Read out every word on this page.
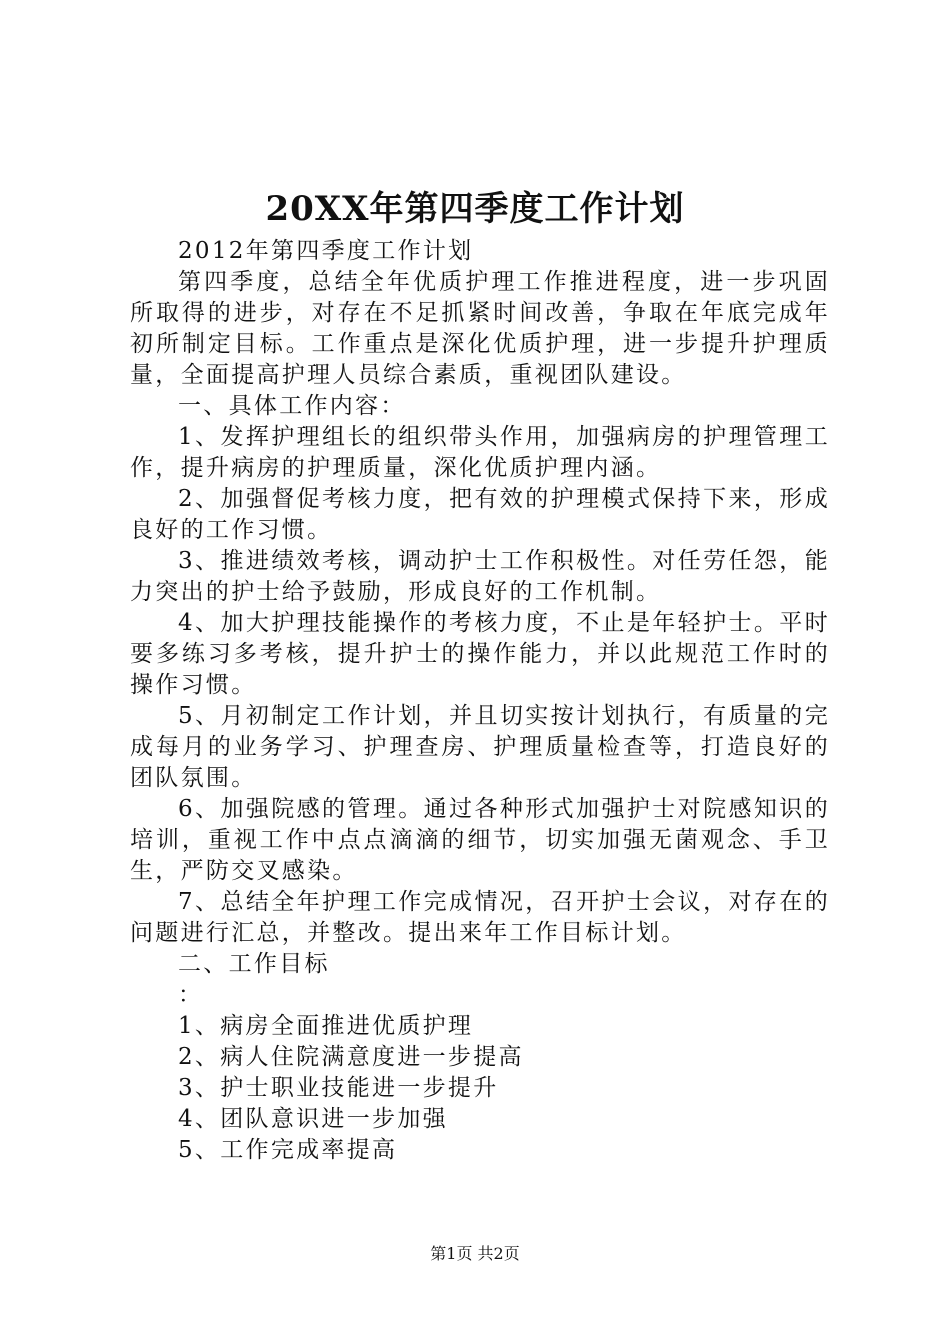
20XX年第四季度工作计划

2012年第四季度工作计划

第四季度，总结全年优质护理工作推进程度，进一步巩固所取得的进步，对存在不足抓紧时间改善，争取在年底完成年初所制定目标。工作重点是深化优质护理，进一步提升护理质量，全面提高护理人员综合素质，重视团队建设。

一、具体工作内容：

1、发挥护理组长的组织带头作用，加强病房的护理管理工作，提升病房的护理质量，深化优质护理内涵。

2、加强督促考核力度，把有效的护理模式保持下来，形成良好的工作习惯。

3、推进绩效考核，调动护士工作积极性。对任劳任怨，能力突出的护士给予鼓励，形成良好的工作机制。

4、加大护理技能操作的考核力度，不止是年轻护士。平时要多练习多考核，提升护士的操作能力，并以此规范工作时的操作习惯。

5、月初制定工作计划，并且切实按计划执行，有质量的完成每月的业务学习、护理查房、护理质量检查等，打造良好的团队氛围。

6、加强院感的管理。通过各种形式加强护士对院感知识的培训，重视工作中点点滴滴的细节，切实加强无菌观念、手卫生，严防交叉感染。

7、总结全年护理工作完成情况，召开护士会议，对存在的问题进行汇总，并整改。提出来年工作目标计划。

二、工作目标

：

1、病房全面推进优质护理

2、病人住院满意度进一步提高

3、护士职业技能进一步提升

4、团队意识进一步加强

5、工作完成率提高

第1页 共2页
